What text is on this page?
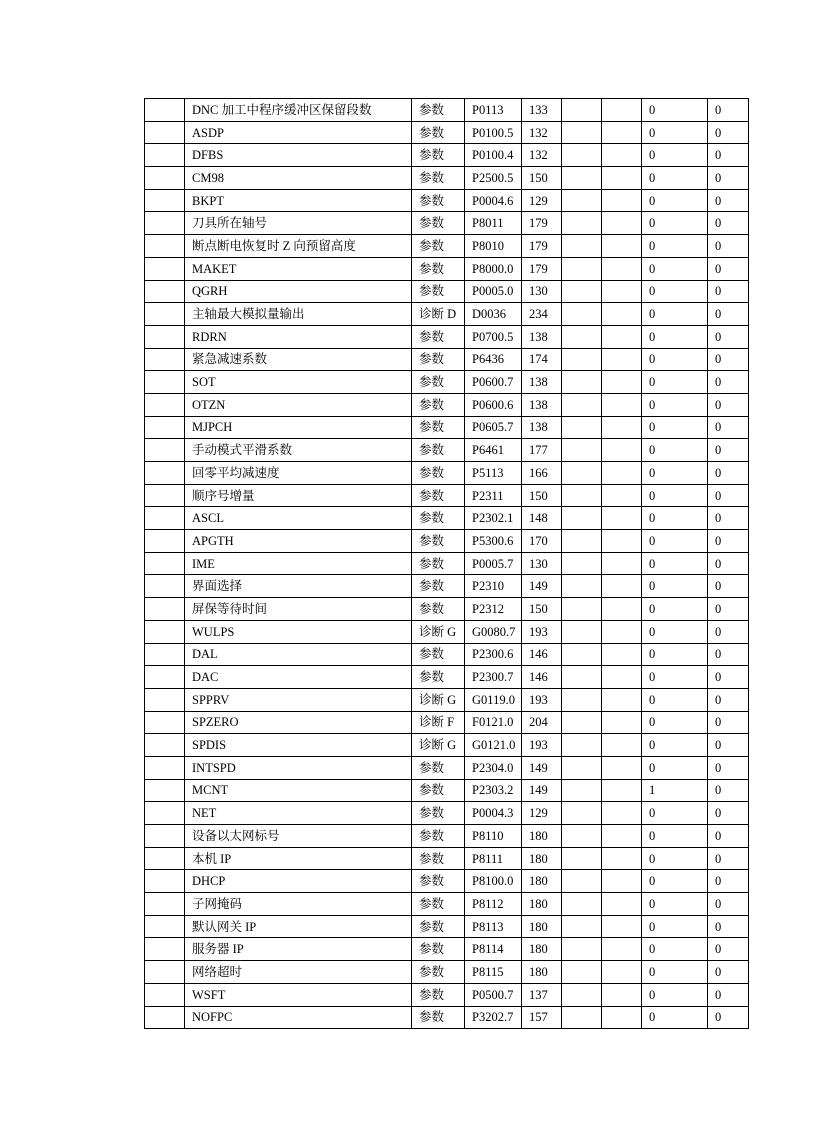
	DNC 加工中程序缓冲区保留段数	参数	P0113	133			0	0
	ASDP	参数	P0100.5	132			0	0
	DFBS	参数	P0100.4	132			0	0
	CM98	参数	P2500.5	150			0	0
	BKPT	参数	P0004.6	129			0	0
	刀具所在轴号	参数	P8011	179			0	0
	断点断电恢复时 Z 向预留高度	参数	P8010	179			0	0
	MAKET	参数	P8000.0	179			0	0
	QGRH	参数	P0005.0	130			0	0
	主轴最大模拟量输出	诊断 D	D0036	234			0	0
	RDRN	参数	P0700.5	138			0	0
	紧急减速系数	参数	P6436	174			0	0
	SOT	参数	P0600.7	138			0	0
	OTZN	参数	P0600.6	138			0	0
	MJPCH	参数	P0605.7	138			0	0
	手动模式平滑系数	参数	P6461	177			0	0
	回零平均减速度	参数	P5113	166			0	0
	顺序号增量	参数	P2311	150			0	0
	ASCL	参数	P2302.1	148			0	0
	APGTH	参数	P5300.6	170			0	0
	IME	参数	P0005.7	130			0	0
	界面选择	参数	P2310	149			0	0
	屏保等待时间	参数	P2312	150			0	0
	WULPS	诊断 G	G0080.7	193			0	0
	DAL	参数	P2300.6	146			0	0
	DAC	参数	P2300.7	146			0	0
	SPPRV	诊断 G	G0119.0	193			0	0
	SPZERO	诊断 F	F0121.0	204			0	0
	SPDIS	诊断 G	G0121.0	193			0	0
	INTSPD	参数	P2304.0	149			0	0
	MCNT	参数	P2303.2	149			1	0
	NET	参数	P0004.3	129			0	0
	设备以太网标号	参数	P8110	180			0	0
	本机 IP	参数	P8111	180			0	0
	DHCP	参数	P8100.0	180			0	0
	子网掩码	参数	P8112	180			0	0
	默认网关 IP	参数	P8113	180			0	0
	服务器 IP	参数	P8114	180			0	0
	网络超时	参数	P8115	180			0	0
	WSFT	参数	P0500.7	137			0	0
	NOFPC	参数	P3202.7	157			0	0
